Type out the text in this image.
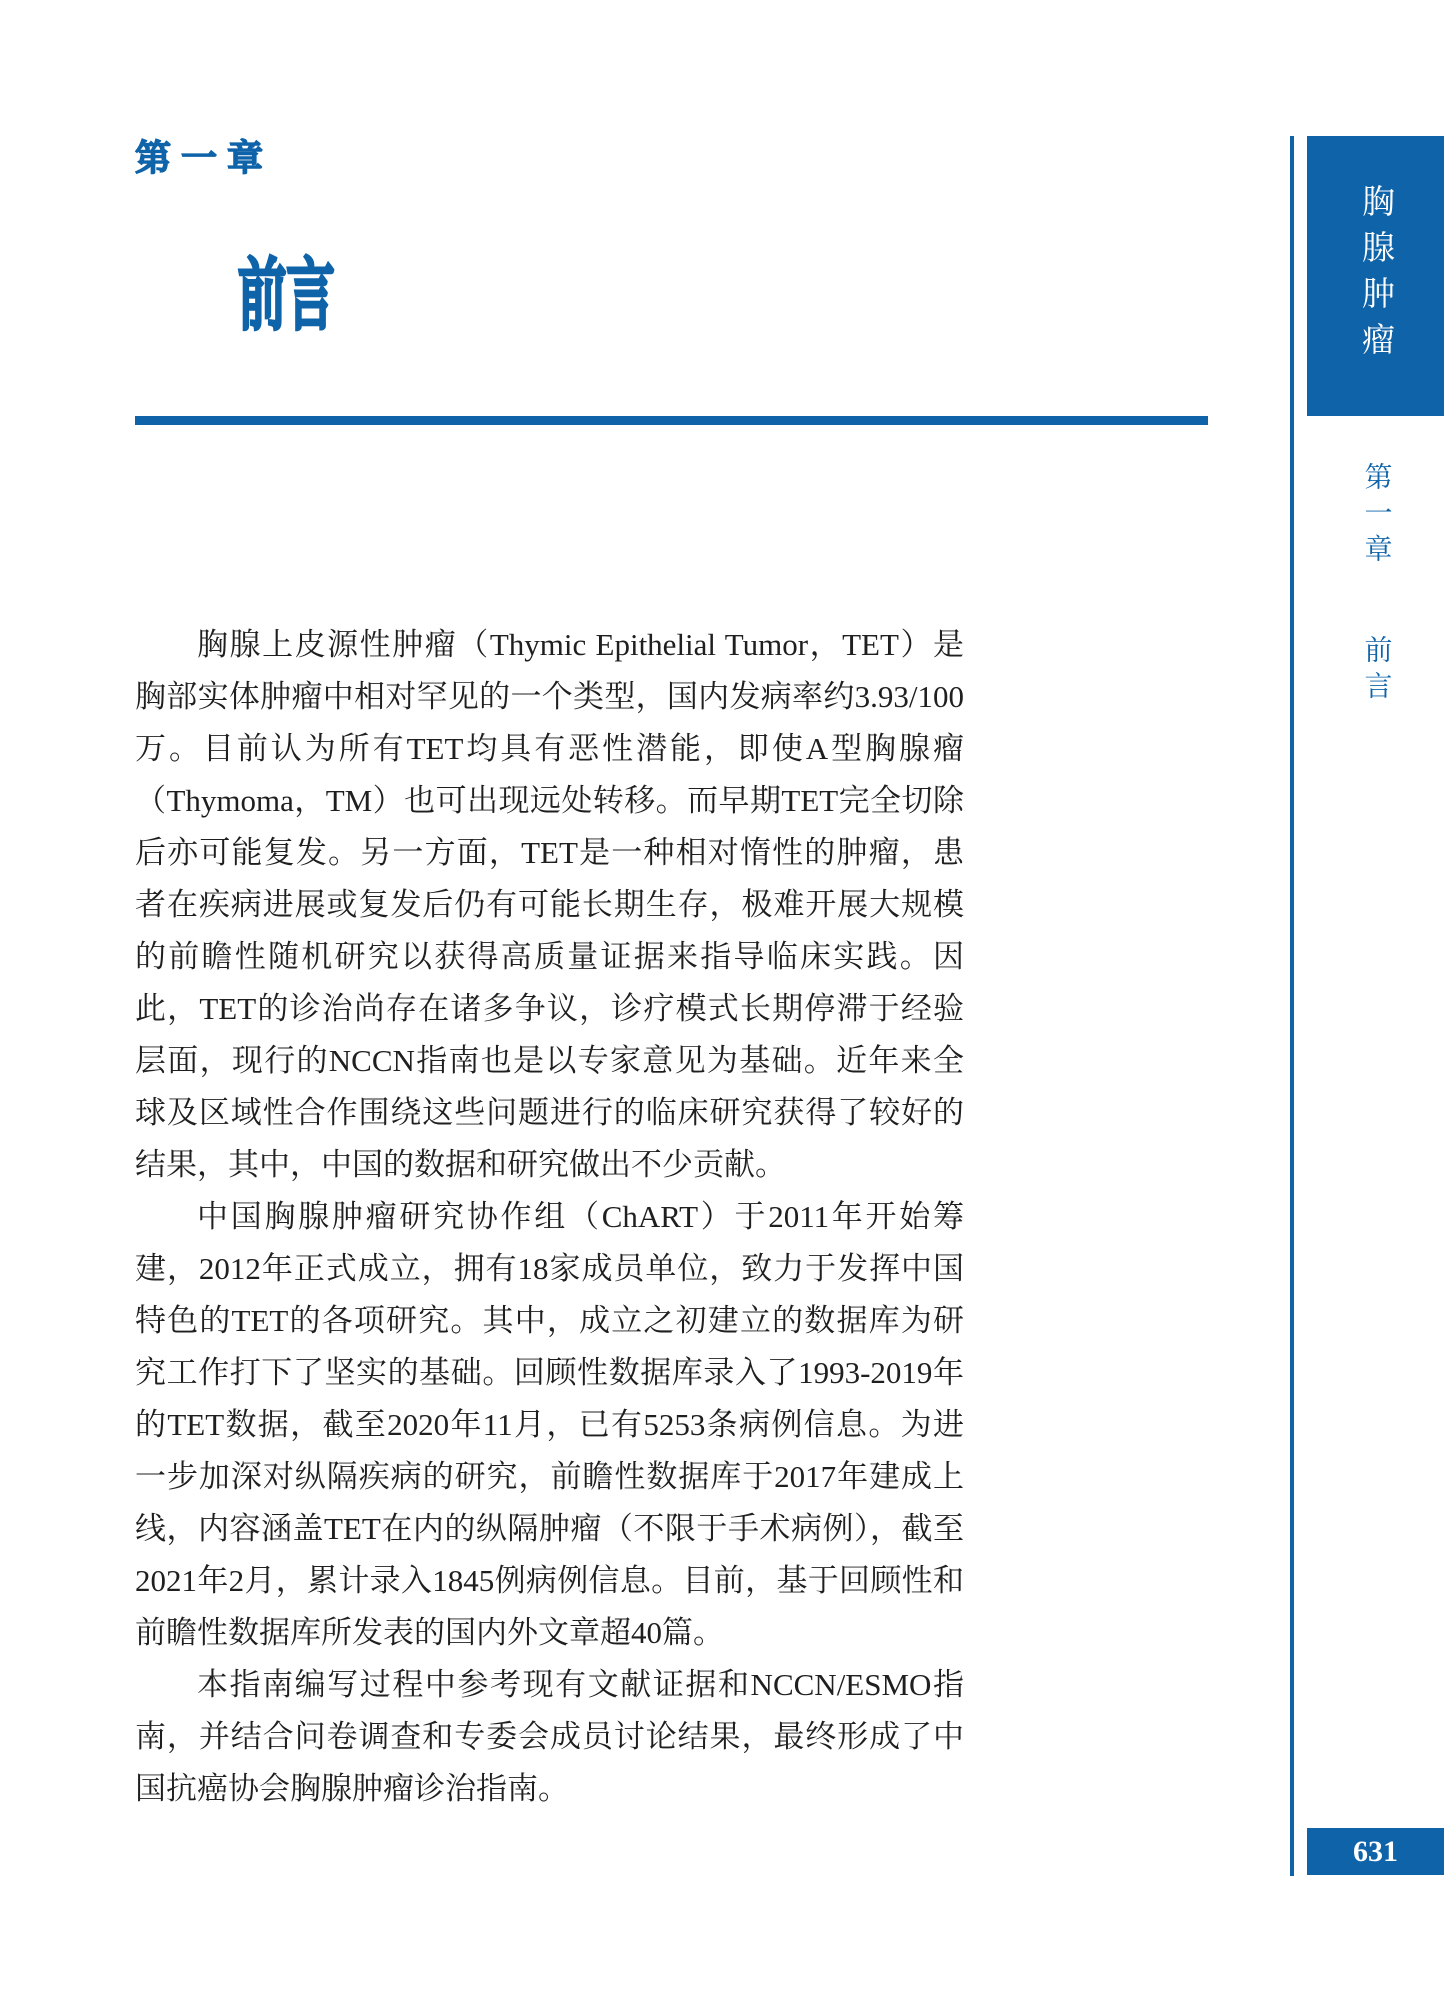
第一章
前言	胸腺肿瘤
第一章 前言
631

胸腺上皮源性肿瘤（Thymic Epithelial Tumor，TET）是胸部实体肿瘤中相对罕见的一个类型，国内发病率约3.93/100万。目前认为所有TET均具有恶性潜能，即使A型胸腺瘤（Thymoma，TM）也可出现远处转移。而早期TET完全切除后亦可能复发。另一方面，TET是一种相对惰性的肿瘤，患者在疾病进展或复发后仍有可能长期生存，极难开展大规模的前瞻性随机研究以获得高质量证据来指导临床实践。因此，TET的诊治尚存在诸多争议，诊疗模式长期停滞于经验层面，现行的NCCN指南也是以专家意见为基础。近年来全球及区域性合作围绕这些问题进行的临床研究获得了较好的结果，其中，中国的数据和研究做出不少贡献。

中国胸腺肿瘤研究协作组（ChART）于2011年开始筹建，2012年正式成立，拥有18家成员单位，致力于发挥中国特色的TET的各项研究。其中，成立之初建立的数据库为研究工作打下了坚实的基础。回顾性数据库录入了1993-2019年的TET数据，截至2020年11月，已有5253条病例信息。为进一步加深对纵隔疾病的研究，前瞻性数据库于2017年建成上线，内容涵盖TET在内的纵隔肿瘤（不限于手术病例），截至2021年2月，累计录入1845例病例信息。目前，基于回顾性和前瞻性数据库所发表的国内外文章超40篇。

本指南编写过程中参考现有文献证据和NCCN/ESMO指南，并结合问卷调查和专委会成员讨论结果，最终形成了中国抗癌协会胸腺肿瘤诊治指南。
